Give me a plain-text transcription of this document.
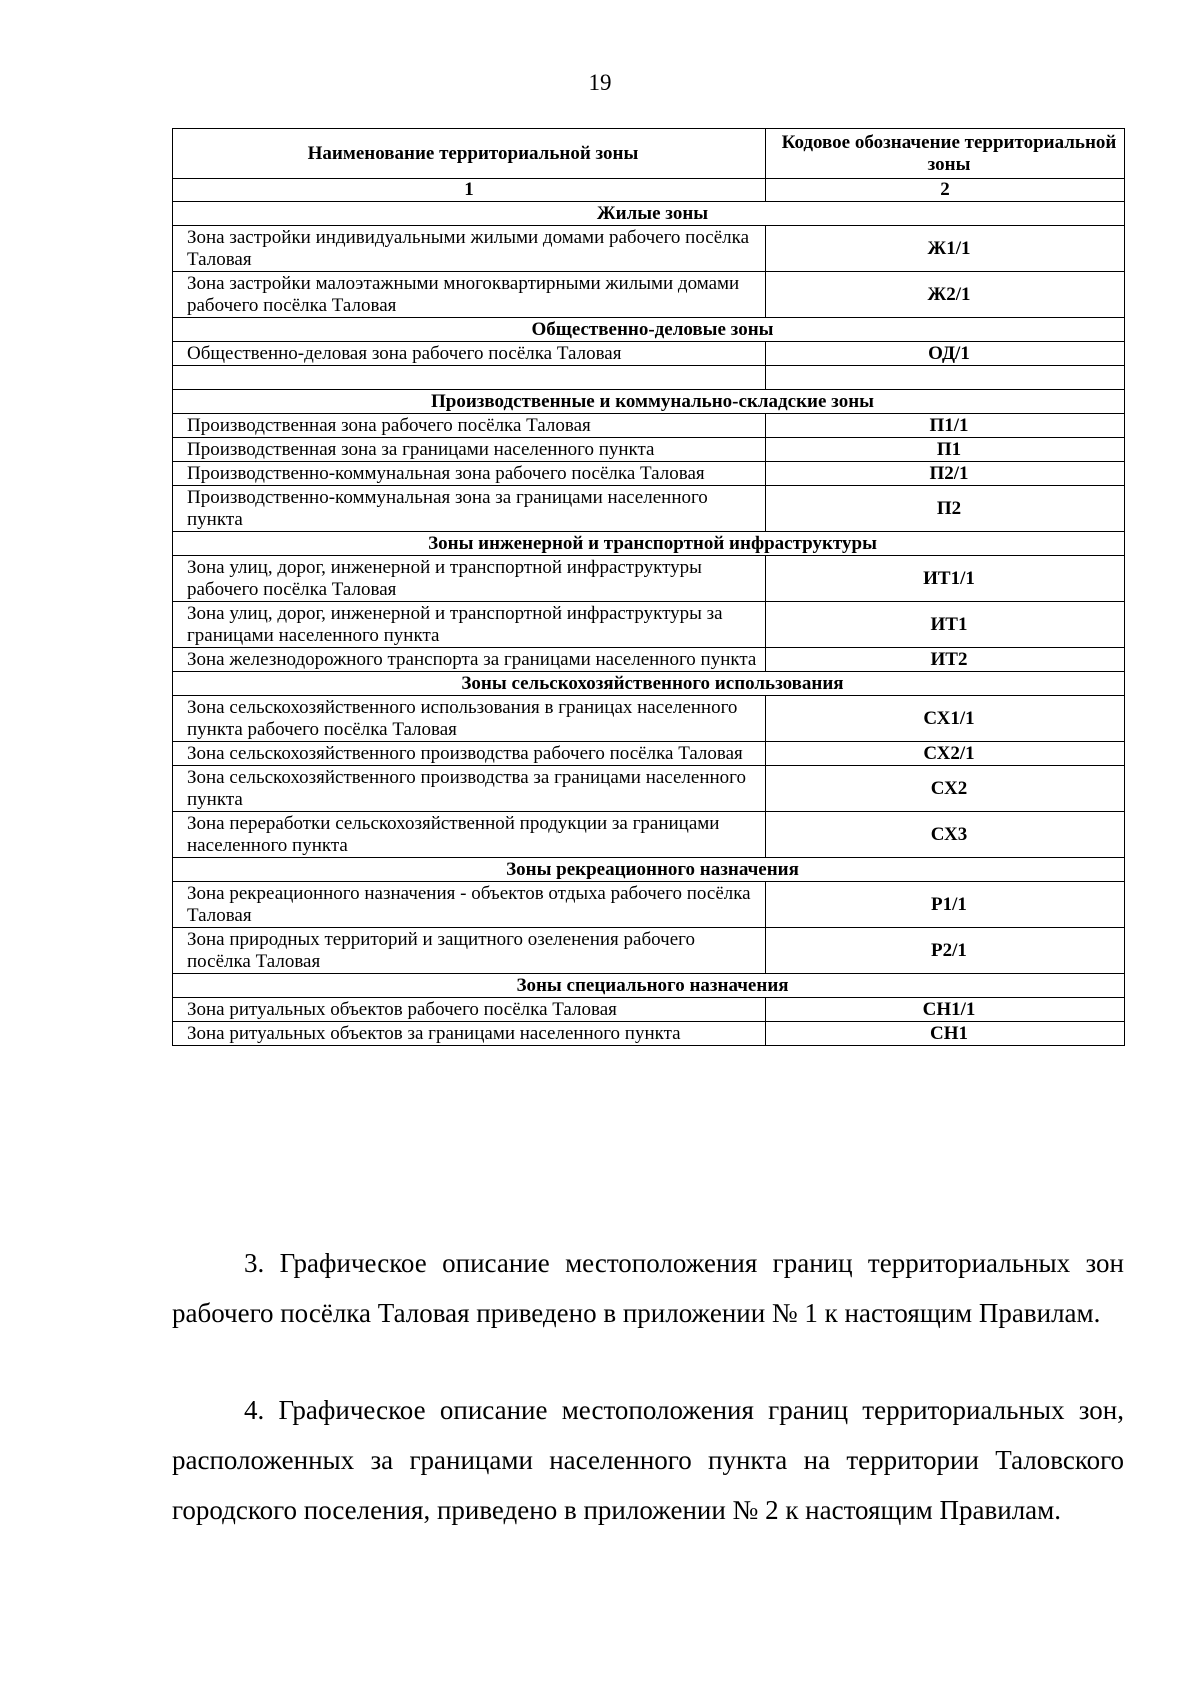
19
Наименование территориальной зоны	Кодовое обозначение территориальной зоны
1	2
Жилые зоны	
Зона застройки индивидуальными жилыми домами рабочего посёлка Таловая	Ж1/1
Зона застройки малоэтажными многоквартирными жилыми домами рабочего посёлка Таловая	Ж2/1
Общественно-деловые зоны	
Общественно-деловая зона рабочего посёлка Таловая	ОД/1

Производственные и коммунально-складские зоны	
Производственная зона рабочего посёлка Таловая	П1/1
Производственная зона за границами населенного пункта	П1
Производственно-коммунальная зона рабочего посёлка Таловая	П2/1
Производственно-коммунальная зона за границами населенного пункта	П2
Зоны инженерной и транспортной инфраструктуры	
Зона улиц, дорог, инженерной и транспортной инфраструктуры рабочего посёлка Таловая	ИТ1/1
Зона улиц, дорог, инженерной и транспортной инфраструктуры за границами населенного пункта	ИТ1
Зона железнодорожного транспорта за границами населенного пункта	ИТ2
Зоны сельскохозяйственного использования	
Зона сельскохозяйственного использования в границах населенного пункта рабочего посёлка Таловая	СХ1/1
Зона сельскохозяйственного производства рабочего посёлка Таловая	СХ2/1
Зона сельскохозяйственного производства за границами населенного пункта	СХ2
Зона переработки сельскохозяйственной продукции за границами населенного пункта	СХ3
Зоны рекреационного назначения	
Зона рекреационного назначения - объектов отдыха рабочего посёлка Таловая	Р1/1
Зона природных территорий и защитного озеленения рабочего посёлка Таловая	Р2/1
Зоны специального назначения	
Зона ритуальных объектов рабочего посёлка Таловая	СН1/1
Зона ритуальных объектов за границами населенного пункта	СН1

3. Графическое описание местоположения границ территориальных зон рабочего посёлка Таловая приведено в приложении № 1 к настоящим Правилам.

4. Графическое описание местоположения границ территориальных зон, расположенных за границами населенного пункта на территории Таловского городского поселения, приведено в приложении № 2 к настоящим Правилам.
